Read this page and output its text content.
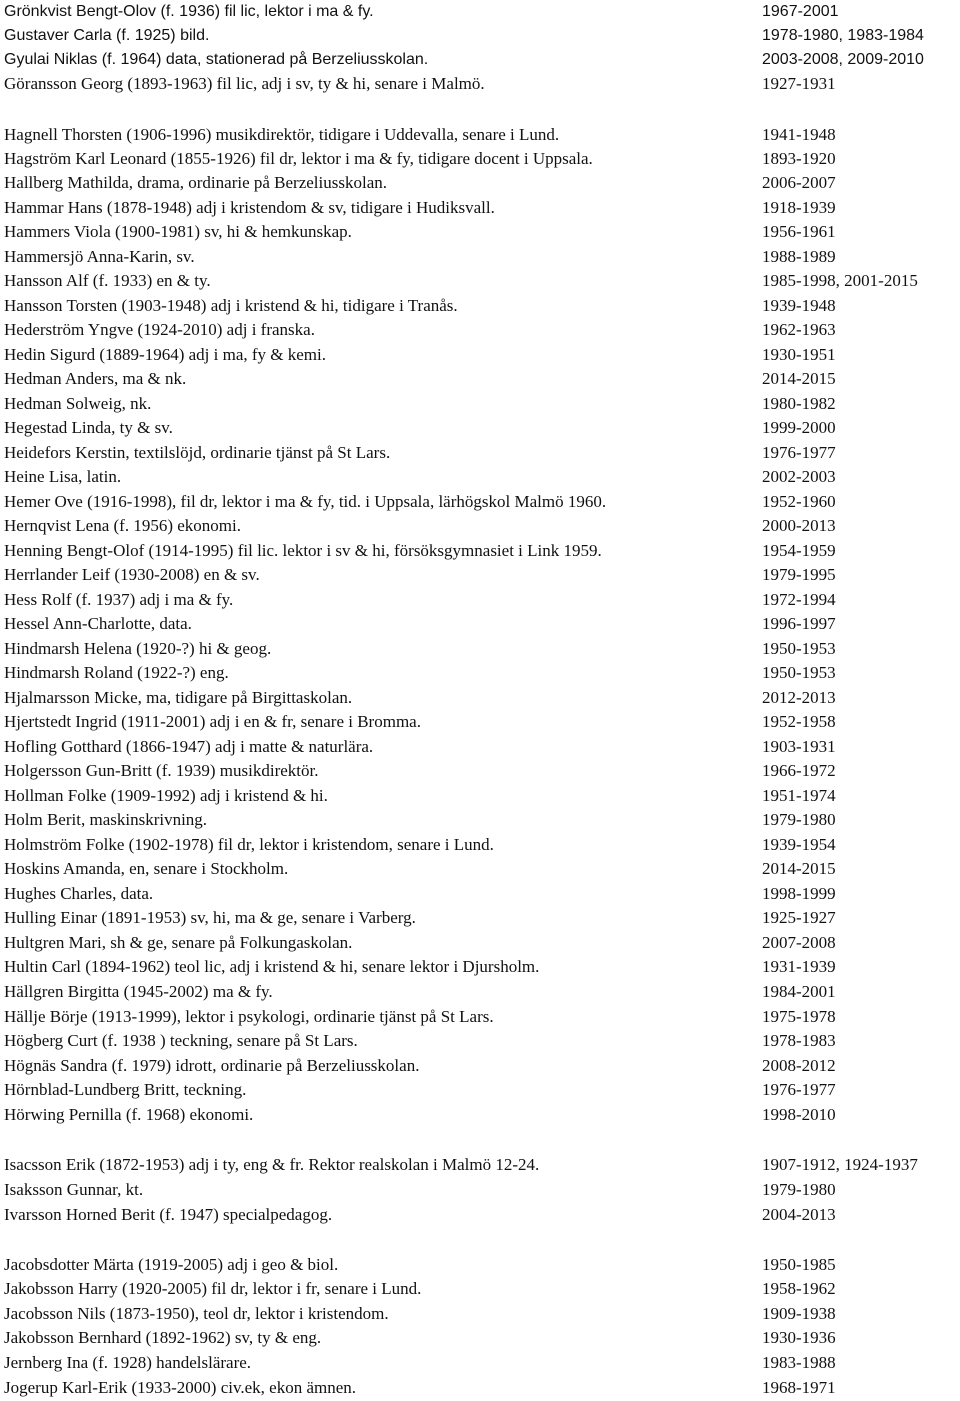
Grönkvist Bengt-Olov (f. 1936) fil lic, lektor i ma & fy.	1967-2001
Gustaver Carla (f. 1925) bild.	1978-1980, 1983-1984
Gyulai Niklas (f. 1964) data, stationerad på Berzeliusskolan.	2003-2008, 2009-2010
Göransson Georg (1893-1963) fil lic, adj i sv, ty & hi, senare i Malmö.	1927-1931
Hagnell Thorsten (1906-1996) musikdirektör, tidigare i Uddevalla, senare i Lund.	1941-1948
Hagström Karl Leonard (1855-1926) fil dr, lektor i ma & fy, tidigare docent i Uppsala.	1893-1920
Hallberg Mathilda, drama, ordinarie på Berzeliusskolan.	2006-2007
Hammar Hans (1878-1948) adj i kristendom & sv, tidigare i Hudiksvall.	1918-1939
Hammers Viola (1900-1981) sv, hi & hemkunskap.	1956-1961
Hammersjö Anna-Karin, sv.	1988-1989
Hansson Alf (f. 1933) en & ty.	1985-1998, 2001-2015
Hansson Torsten (1903-1948) adj i kristend & hi, tidigare i Tranås.	1939-1948
Hederström Yngve (1924-2010) adj i franska.	1962-1963
Hedin Sigurd (1889-1964) adj i ma, fy & kemi.	1930-1951
Hedman Anders, ma & nk.	2014-2015
Hedman Solweig, nk.	1980-1982
Hegestad Linda, ty & sv.	1999-2000
Heidefors Kerstin, textilslöjd, ordinarie tjänst på St Lars.	1976-1977
Heine Lisa, latin.	2002-2003
Hemer Ove (1916-1998), fil dr, lektor i ma & fy, tid. i Uppsala, lärhögskol Malmö 1960.	1952-1960
Hernqvist Lena (f. 1956) ekonomi.	2000-2013
Henning Bengt-Olof (1914-1995) fil lic. lektor i sv & hi, försöksgymnasiet i Link 1959.	1954-1959
Herrlander Leif (1930-2008) en & sv.	1979-1995
Hess Rolf (f. 1937) adj i ma & fy.	1972-1994
Hessel Ann-Charlotte, data.	1996-1997
Hindmarsh Helena (1920-?) hi & geog.	1950-1953
Hindmarsh Roland (1922-?) eng.	1950-1953
Hjalmarsson Micke, ma, tidigare på Birgittaskolan.	2012-2013
Hjertstedt Ingrid (1911-2001) adj i en & fr, senare i Bromma.	1952-1958
Hofling Gotthard (1866-1947) adj i matte & naturlära.	1903-1931
Holgersson Gun-Britt (f. 1939) musikdirektör.	1966-1972
Hollman Folke (1909-1992) adj i kristend & hi.	1951-1974
Holm Berit, maskinskrivning.	1979-1980
Holmström Folke (1902-1978) fil dr, lektor i kristendom, senare i Lund.	1939-1954
Hoskins Amanda, en, senare i Stockholm.	2014-2015
Hughes Charles, data.	1998-1999
Hulling Einar (1891-1953) sv, hi, ma & ge, senare i Varberg.	1925-1927
Hultgren Mari, sh & ge, senare på Folkungaskolan.	2007-2008
Hultin Carl (1894-1962) teol lic, adj i kristend & hi, senare lektor i Djursholm.	1931-1939
Hällgren Birgitta (1945-2002) ma & fy.	1984-2001
Hällje Börje (1913-1999), lektor i psykologi, ordinarie tjänst på St Lars.	1975-1978
Högberg Curt (f. 1938 ) teckning, senare på St Lars.	1978-1983
Högnäs Sandra (f. 1979) idrott, ordinarie på Berzeliusskolan.	2008-2012
Hörnblad-Lundberg Britt, teckning.	1976-1977
Hörwing Pernilla (f. 1968) ekonomi.	1998-2010
Isacsson Erik (1872-1953) adj i ty, eng & fr. Rektor realskolan i Malmö 12-24.	1907-1912, 1924-1937
Isaksson Gunnar, kt.	1979-1980
Ivarsson Horned Berit (f. 1947) specialpedagog.	2004-2013
Jacobsdotter Märta (1919-2005) adj i geo & biol.	1950-1985
Jakobsson Harry (1920-2005) fil dr, lektor i fr, senare i Lund.	1958-1962
Jacobsson Nils (1873-1950), teol dr, lektor i kristendom.	1909-1938
Jakobsson Bernhard (1892-1962) sv, ty & eng.	1930-1936
Jernberg Ina (f. 1928) handelslärare.	1983-1988
Jogerup Karl-Erik (1933-2000) civ.ek, ekon ämnen.	1968-1971
